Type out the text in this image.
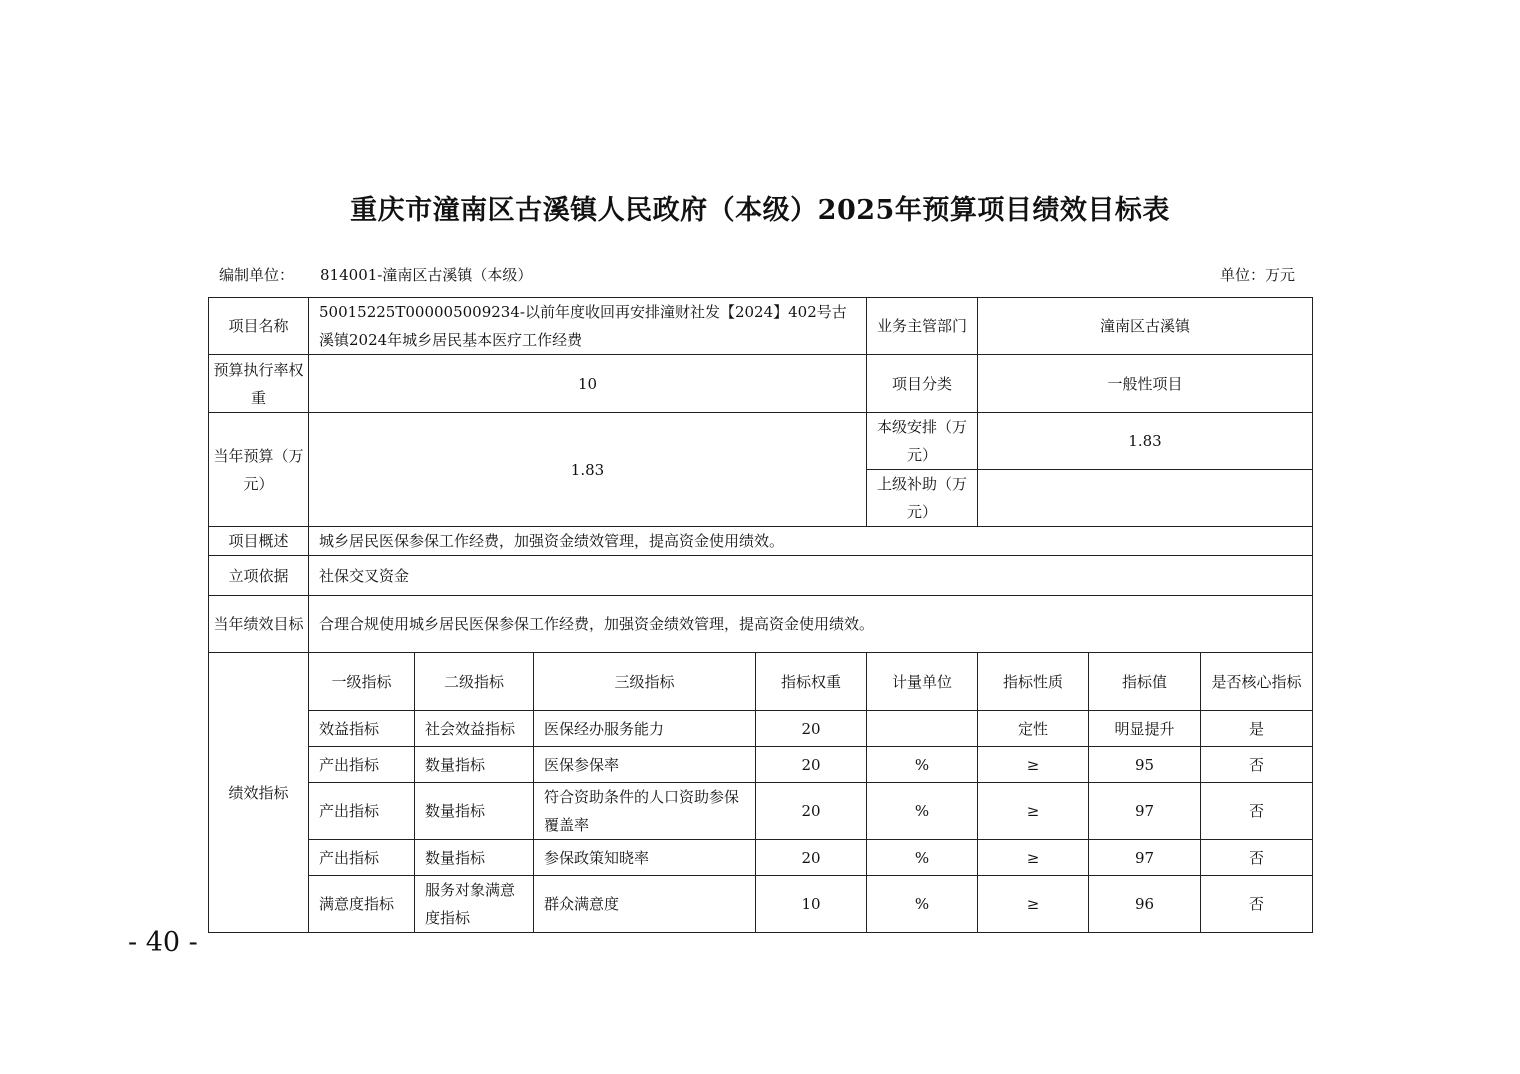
重庆市潼南区古溪镇人民政府（本级）2025年预算项目绩效目标表
编制单位： 814001-潼南区古溪镇（本级）	单位：万元
项目名称	50015225T000005009234-以前年度收回再安排潼财社发【2024】402号古溪镇2024年城乡居民基本医疗工作经费				业务主管部门	潼南区古溪镇		
预算执行率权重	10				项目分类	一般性项目		
当年预算（万元）	1.83				本级安排（万元）	1.83		
					上级补助（万元）			
项目概述	城乡居民医保参保工作经费，加强资金绩效管理，提高资金使用绩效。							
立项依据	社保交叉资金							
当年绩效目标	合理合规使用城乡居民医保参保工作经费，加强资金绩效管理，提高资金使用绩效。							
绩效指标	一级指标	二级指标	三级指标	指标权重	计量单位	指标性质	指标值	是否核心指标
	效益指标	社会效益指标	医保经办服务能力	20		定性	明显提升	是
	产出指标	数量指标	医保参保率	20	%	≥	95	否
	产出指标	数量指标	符合资助条件的人口资助参保覆盖率	20	%	≥	97	否
	产出指标	数量指标	参保政策知晓率	20	%	≥	97	否
	满意度指标	服务对象满意度指标	群众满意度	10	%	≥	96	否
- 40 -
